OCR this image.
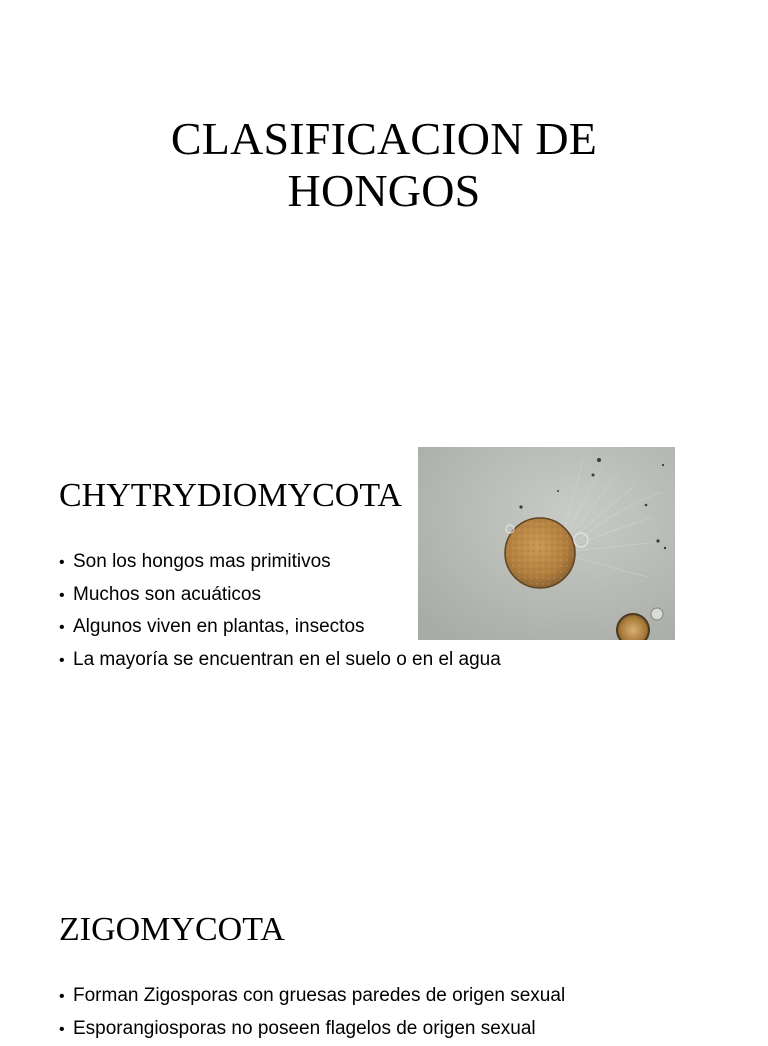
CLASIFICACION DE
HONGOS
CHYTRYDIOMYCOTA
• Son los hongos mas primitivos
• Muchos son acuáticos
• Algunos viven en plantas, insectos
• La mayoría se encuentran en el suelo o en el agua
ZIGOMYCOTA
• Forman Zigosporas con gruesas paredes de origen sexual
• Esporangiosporas no poseen flagelos de origen sexual
